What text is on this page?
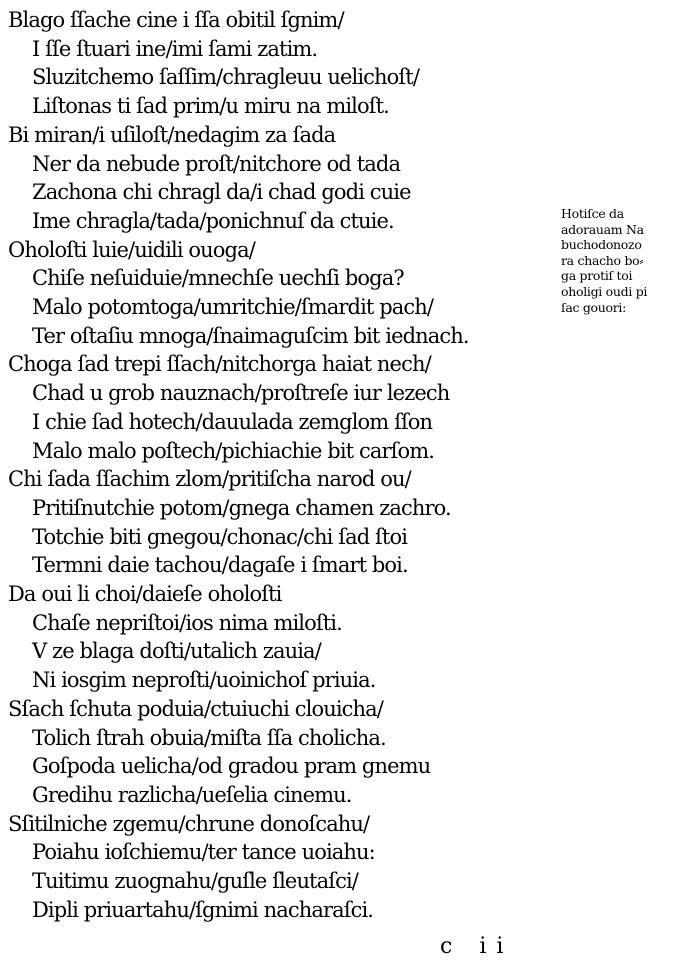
Blago ſſache cine i ſſa obitil ſgnim/
I ſſe ſtuari ine/imi ſami zatim.
Sluzitchemo ſaſſim/chragleuu uelichoſt/
Liſtonas ti ſad prim/u miru na miloſt.
Bi miran/i uſiloſt/nedagim za ſada
Ner da nebude proſt/nitchore od tada
Zachona chi chragl da/i chad godi cuie
Ime chragla/tada/ponichnuſ da ctuie.
Oholoſti luie/uidili ouoga/
Chiſe neſuiduie/mnechſe uechſi boga?
Malo potomtoga/umritchie/ſmardit pach/
Ter oſtaſiu mnoga/ſnaimaguſcim bit iednach.
Choga ſad trepi ſſach/nitchorga haiat nech/
Chad u grob nauznach/proſtreſe iur lezech
I chie ſad hotech/dauulada zemglom ſſon
Malo malo poſtech/pichiachie bit carſom.
Chi ſada ſſachim zlom/pritiſcha narod ou/
Pritiſnutchie potom/gnega chamen zachro.
Totchie biti gnegou/chonac/chi ſad ſtoi
Termni daie tachou/dagaſe i ſmart boi.
Da oui li choi/daieſe oholoſti
Chaſe nepriſtoi/ios nima miloſti.
V ze blaga doſti/utalich zauia/
Ni iosgim neproſti/uoinichoſ priuia.
Sſach ſchuta poduia/ctuiuchi clouicha/
Tolich ſtrah obuia/miſta ſſa cholicha.
Goſpoda uelicha/od gradou pram gnemu
Gredihu razlicha/ueſelia cinemu.
Sſitilniche zgemu/chrune donoſcahu/
Poiahu ioſchiemu/ter tance uoiahu:
Tuitimu zuognahu/guſle ſleutaſci/
Dipli priuartahu/ſgnimi nacharaſci.
Hotiſce da
adorauam Na
buchodonozo
ra chacho bo⸗
ga protiſ toi
oholigi oudi pi
ſac gouori:
c ii
